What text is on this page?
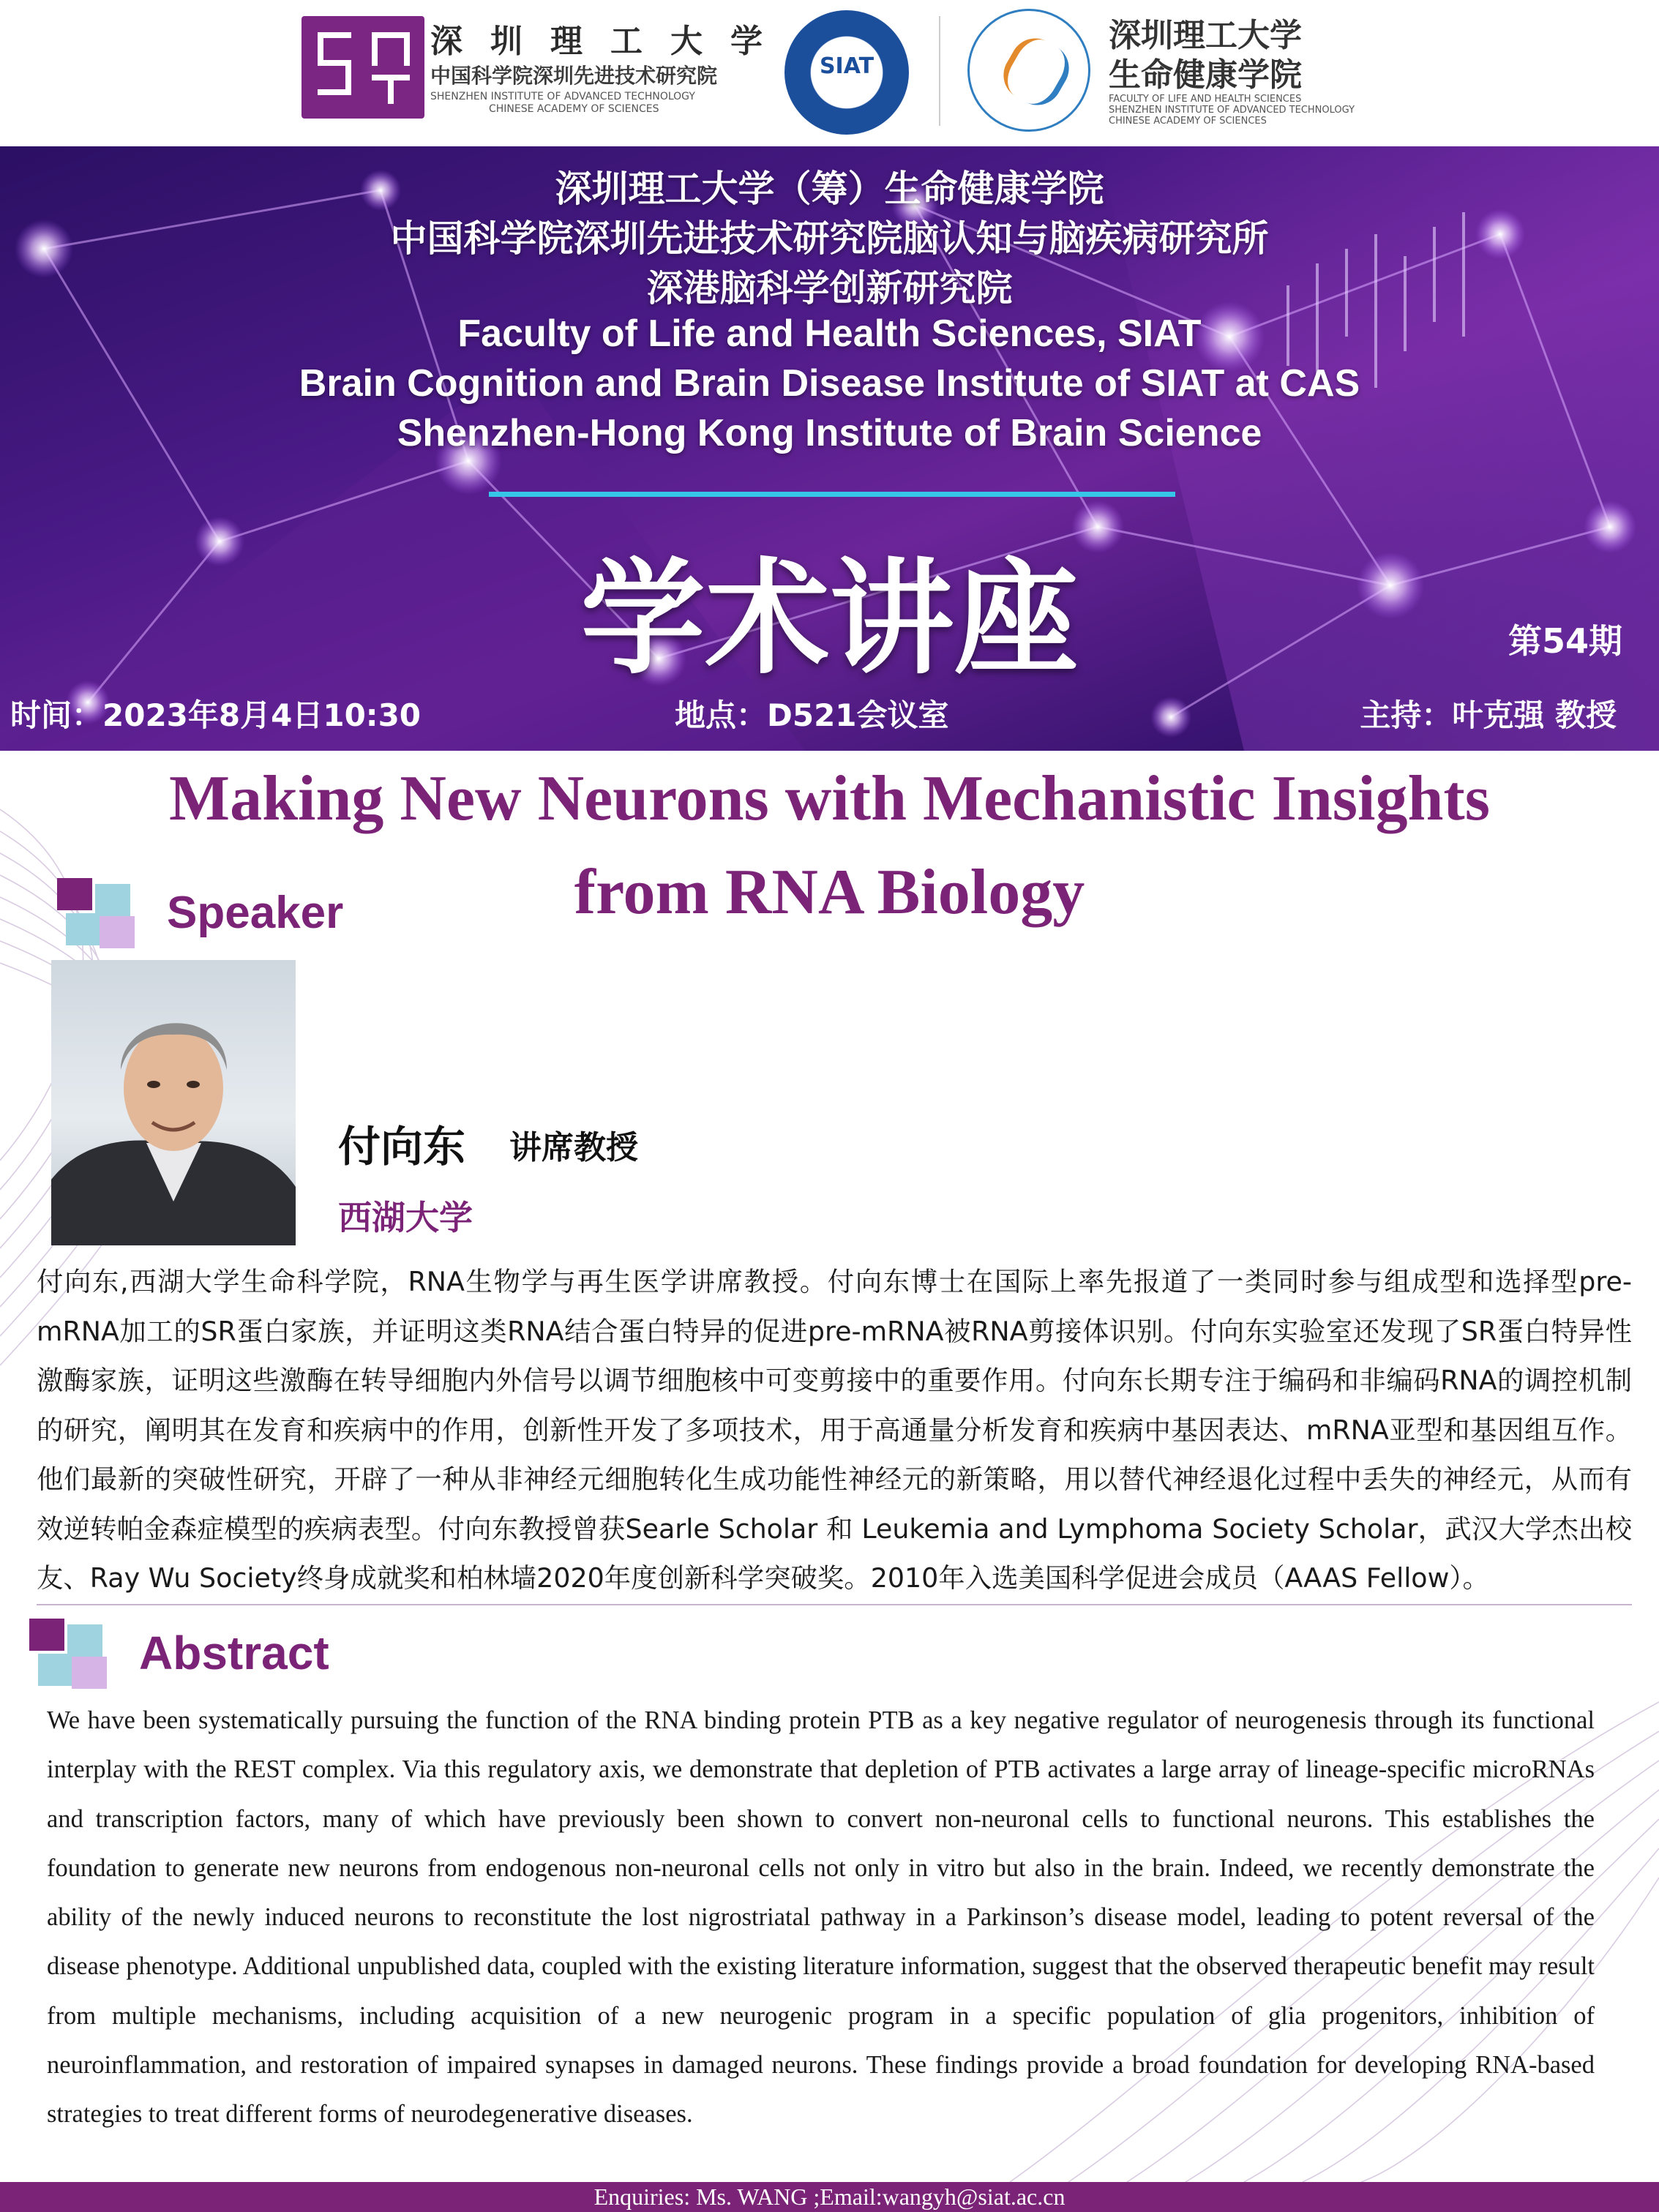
深圳理工大学
中国科学院深圳先进技术研究院
SHENZHEN INSTITUTE OF ADVANCED TECHNOLOGY
CHINESE ACADEMY OF SCIENCES
SIAT
深圳理工大学
生命健康学院
FACULTY OF LIFE AND HEALTH SCIENCES
SHENZHEN INSTITUTE OF ADVANCED TECHNOLOGY
CHINESE ACADEMY OF SCIENCES
深圳理工大学（筹）生命健康学院
中国科学院深圳先进技术研究院脑认知与脑疾病研究所
深港脑科学创新研究院
Faculty of Life and Health Sciences, SIAT
Brain Cognition and Brain Disease Institute of SIAT at CAS
Shenzhen-Hong Kong Institute of Brain Science
学术讲座	第54期
时间：2023年8月4日10:30	地点：D521会议室	主持：叶克强 教授
Making New Neurons with Mechanistic Insights
from RNA Biology
Speaker
付向东 讲席教授
西湖大学
付向东,西湖大学生命科学院，RNA生物学与再生医学讲席教授。付向东博士在国际上率先报道了一类同时参与组成型和选择型pre-mRNA加工的SR蛋白家族，并证明这类RNA结合蛋白特异的促进pre-mRNA被RNA剪接体识别。付向东实验室还发现了SR蛋白特异性激酶家族，证明这些激酶在转导细胞内外信号以调节细胞核中可变剪接中的重要作用。付向东长期专注于编码和非编码RNA的调控机制的研究，阐明其在发育和疾病中的作用，创新性开发了多项技术，用于高通量分析发育和疾病中基因表达、mRNA亚型和基因组互作。他们最新的突破性研究，开辟了一种从非神经元细胞转化生成功能性神经元的新策略，用以替代神经退化过程中丢失的神经元，从而有效逆转帕金森症模型的疾病表型。付向东教授曾获Searle Scholar 和 Leukemia and Lymphoma Society Scholar，武汉大学杰出校友、Ray Wu Society终身成就奖和柏林墙2020年度创新科学突破奖。2010年入选美国科学促进会成员（AAAS Fellow）。
Abstract
We have been systematically pursuing the function of the RNA binding protein PTB as a key negative regulator of neurogenesis through its functional interplay with the REST complex. Via this regulatory axis, we demonstrate that depletion of PTB activates a large array of lineage-specific microRNAs and transcription factors, many of which have previously been shown to convert non-neuronal cells to functional neurons. This establishes the foundation to generate new neurons from endogenous non-neuronal cells not only in vitro but also in the brain. Indeed, we recently demonstrate the ability of the newly induced neurons to reconstitute the lost nigrostriatal pathway in a Parkinson’s disease model, leading to potent reversal of the disease phenotype. Additional unpublished data, coupled with the existing literature information, suggest that the observed therapeutic benefit may result from multiple mechanisms, including acquisition of a new neurogenic program in a specific population of glia progenitors, inhibition of neuroinflammation, and restoration of impaired synapses in damaged neurons. These findings provide a broad foundation for developing RNA-based strategies to treat different forms of neurodegenerative diseases.
Enquiries: Ms. WANG ;Email:wangyh@siat.ac.cn
